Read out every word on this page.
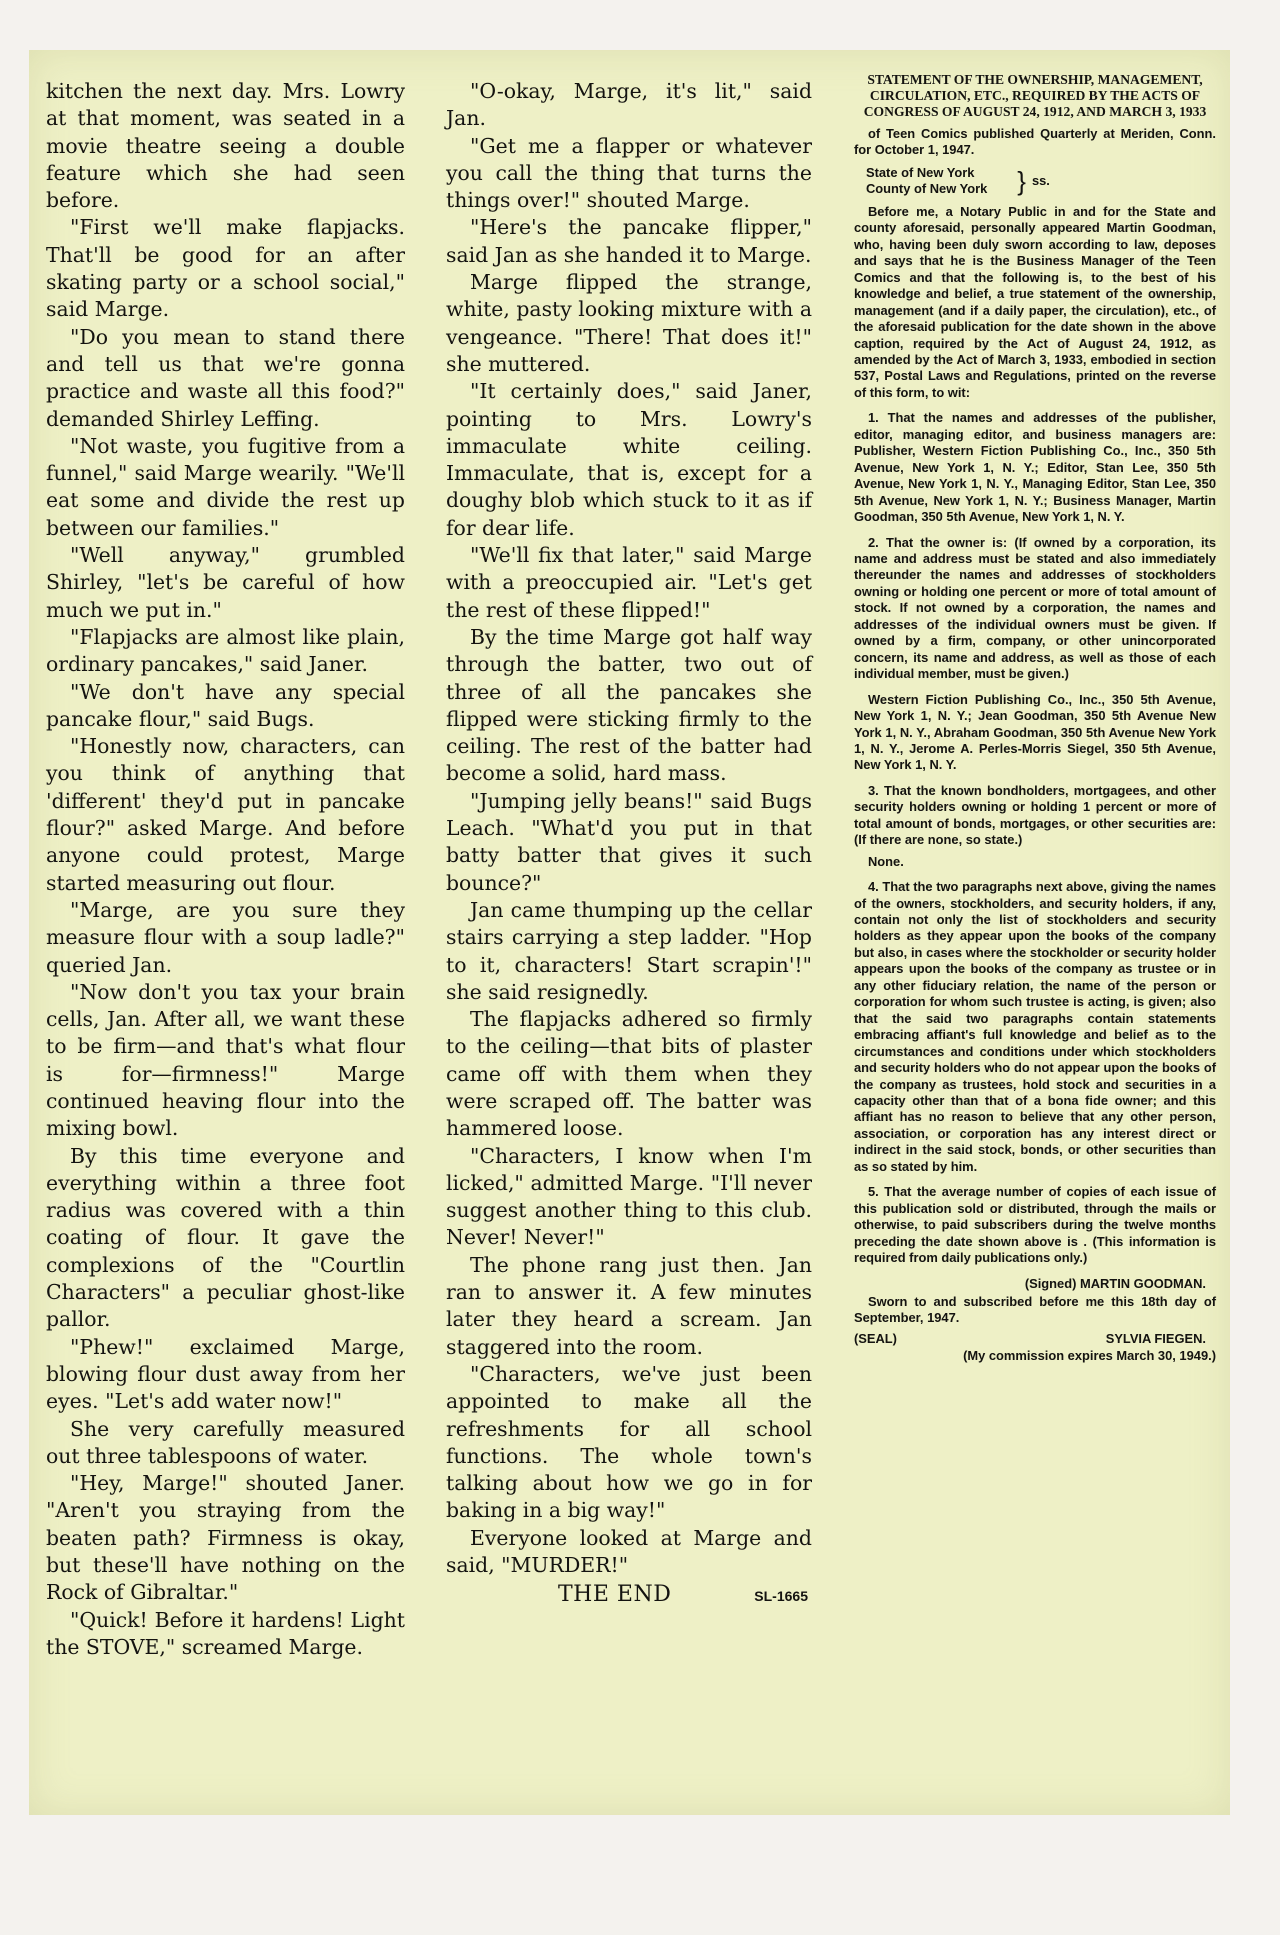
kitchen the next day. Mrs. Lowry at that moment, was seated in a movie theatre seeing a double feature which she had seen before.

"First we'll make flapjacks. That'll be good for an after skating party or a school social," said Marge.

"Do you mean to stand there and tell us that we're gonna practice and waste all this food?" demanded Shirley Leffing.

"Not waste, you fugitive from a funnel," said Marge wearily. "We'll eat some and divide the rest up between our families."

"Well anyway," grumbled Shirley, "let's be careful of how much we put in."

"Flapjacks are almost like plain, ordinary pancakes," said Janer.

"We don't have any special pancake flour," said Bugs.

"Honestly now, characters, can you think of anything that 'different' they'd put in pancake flour?" asked Marge. And before anyone could protest, Marge started measuring out flour.

"Marge, are you sure they measure flour with a soup ladle?" queried Jan.

"Now don't you tax your brain cells, Jan. After all, we want these to be firm—and that's what flour is for—firmness!" Marge continued heaving flour into the mixing bowl.

By this time everyone and everything within a three foot radius was covered with a thin coating of flour. It gave the complexions of the "Courtlin Characters" a peculiar ghost-like pallor.

"Phew!" exclaimed Marge, blowing flour dust away from her eyes. "Let's add water now!"

She very carefully measured out three tablespoons of water.

"Hey, Marge!" shouted Janer. "Aren't you straying from the beaten path? Firmness is okay, but these'll have nothing on the Rock of Gibraltar."

"Quick! Before it hardens! Light the STOVE," screamed Marge.

"O-okay, Marge, it's lit," said Jan.

"Get me a flapper or whatever you call the thing that turns the things over!" shouted Marge.

"Here's the pancake flipper," said Jan as she handed it to Marge.

Marge flipped the strange, white, pasty looking mixture with a vengeance. "There! That does it!" she muttered.

"It certainly does," said Janer, pointing to Mrs. Lowry's immaculate white ceiling. Immaculate, that is, except for a doughy blob which stuck to it as if for dear life.

"We'll fix that later," said Marge with a preoccupied air. "Let's get the rest of these flipped!"

By the time Marge got half way through the batter, two out of three of all the pancakes she flipped were sticking firmly to the ceiling. The rest of the batter had become a solid, hard mass.

"Jumping jelly beans!" said Bugs Leach. "What'd you put in that batty batter that gives it such bounce?"

Jan came thumping up the cellar stairs carrying a step ladder. "Hop to it, characters! Start scrapin'!" she said resignedly.

The flapjacks adhered so firmly to the ceiling—that bits of plaster came off with them when they were scraped off. The batter was hammered loose.

"Characters, I know when I'm licked," admitted Marge. "I'll never suggest another thing to this club. Never! Never!"

The phone rang just then. Jan ran to answer it. A few minutes later they heard a scream. Jan staggered into the room.

"Characters, we've just been appointed to make all the refreshments for all school functions. The whole town's talking about how we go in for baking in a big way!"

Everyone looked at Marge and said, "MURDER!"

THE END	SL-1665

STATEMENT OF THE OWNERSHIP, MANAGEMENT, CIRCULATION, ETC., REQUIRED BY THE ACTS OF CONGRESS OF AUGUST 24, 1912, AND MARCH 3, 1933

of Teen Comics published Quarterly at Meriden, Conn. for October 1, 1947.

State of New York
County of New York } ss.

Before me, a Notary Public in and for the State and county aforesaid, personally appeared Martin Goodman, who, having been duly sworn according to law, deposes and says that he is the Business Manager of the Teen Comics and that the following is, to the best of his knowledge and belief, a true statement of the ownership, management (and if a daily paper, the circulation), etc., of the aforesaid publication for the date shown in the above caption, required by the Act of August 24, 1912, as amended by the Act of March 3, 1933, embodied in section 537, Postal Laws and Regulations, printed on the reverse of this form, to wit:

1. That the names and addresses of the publisher, editor, managing editor, and business managers are: Publisher, Western Fiction Publishing Co., Inc., 350 5th Avenue, New York 1, N. Y.; Editor, Stan Lee, 350 5th Avenue, New York 1, N. Y., Managing Editor, Stan Lee, 350 5th Avenue, New York 1, N. Y.; Business Manager, Martin Goodman, 350 5th Avenue, New York 1, N. Y.

2. That the owner is: (If owned by a corporation, its name and address must be stated and also immediately thereunder the names and addresses of stockholders owning or holding one percent or more of total amount of stock. If not owned by a corporation, the names and addresses of the individual owners must be given. If owned by a firm, company, or other unincorporated concern, its name and address, as well as those of each individual member, must be given.)

Western Fiction Publishing Co., Inc., 350 5th Avenue, New York 1, N. Y.; Jean Goodman, 350 5th Avenue New York 1, N. Y., Abraham Goodman, 350 5th Avenue New York 1, N. Y., Jerome A. Perles-Morris Siegel, 350 5th Avenue, New York 1, N. Y.

3. That the known bondholders, mortgagees, and other security holders owning or holding 1 percent or more of total amount of bonds, mortgages, or other securities are: (If there are none, so state.)

None.

4. That the two paragraphs next above, giving the names of the owners, stockholders, and security holders, if any, contain not only the list of stockholders and security holders as they appear upon the books of the company but also, in cases where the stockholder or security holder appears upon the books of the company as trustee or in any other fiduciary relation, the name of the person or corporation for whom such trustee is acting, is given; also that the said two paragraphs contain statements embracing affiant's full knowledge and belief as to the circumstances and conditions under which stockholders and security holders who do not appear upon the books of the company as trustees, hold stock and securities in a capacity other than that of a bona fide owner; and this affiant has no reason to believe that any other person, association, or corporation has any interest direct or indirect in the said stock, bonds, or other securities than as so stated by him.

5. That the average number of copies of each issue of this publication sold or distributed, through the mails or otherwise, to paid subscribers during the twelve months preceding the date shown above is . (This information is required from daily publications only.)

(Signed) MARTIN GOODMAN.

Sworn to and subscribed before me this 18th day of September, 1947.

(SEAL)	SYLVIA FIEGEN.

(My commission expires March 30, 1949.)
